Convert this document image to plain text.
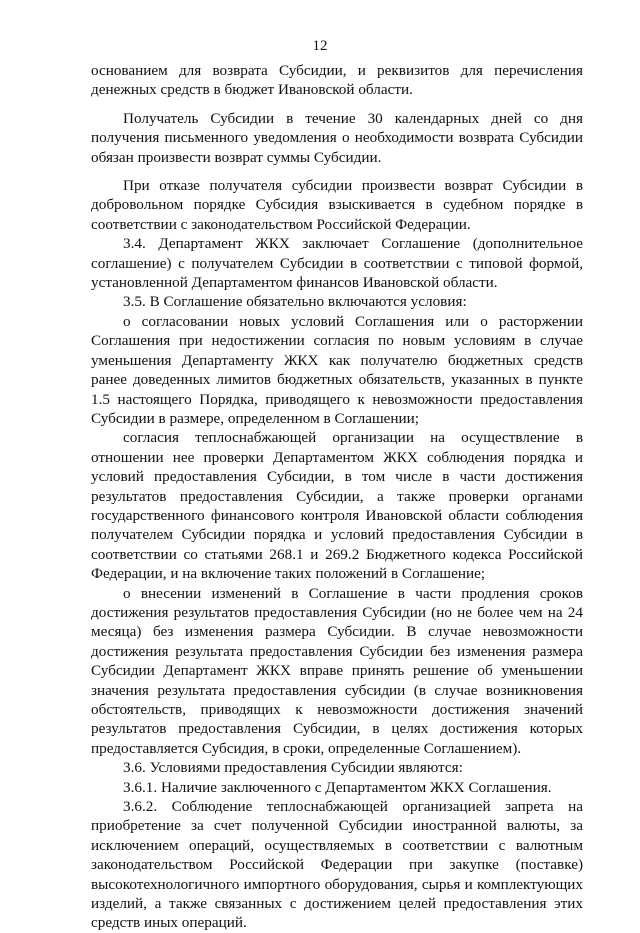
12

основанием для возврата Субсидии, и реквизитов для перечисления денежных средств в бюджет Ивановской области.

Получатель Субсидии в течение 30 календарных дней со дня получения письменного уведомления о необходимости возврата Субсидии обязан произвести возврат суммы Субсидии.

При отказе получателя субсидии произвести возврат Субсидии в добровольном порядке Субсидия взыскивается в судебном порядке в соответствии с законодательством Российской Федерации.

3.4. Департамент ЖКХ заключает Соглашение (дополнительное соглашение) с получателем Субсидии в соответствии с типовой формой, установленной Департаментом финансов Ивановской области.

3.5. В Соглашение обязательно включаются условия:

о согласовании новых условий Соглашения или о расторжении Соглашения при недостижении согласия по новым условиям в случае уменьшения Департаменту ЖКХ как получателю бюджетных средств ранее доведенных лимитов бюджетных обязательств, указанных в пункте 1.5 настоящего Порядка, приводящего к невозможности предоставления Субсидии в размере, определенном в Соглашении;

согласия теплоснабжающей организации на осуществление в отношении нее проверки Департаментом ЖКХ соблюдения порядка и условий предоставления Субсидии, в том числе в части достижения результатов предоставления Субсидии, а также проверки органами государственного финансового контроля Ивановской области соблюдения получателем Субсидии порядка и условий предоставления Субсидии в соответствии со статьями 268.1 и 269.2 Бюджетного кодекса Российской Федерации, и на включение таких положений в Соглашение;

о внесении изменений в Соглашение в части продления сроков достижения результатов предоставления Субсидии (но не более чем на 24 месяца) без изменения размера Субсидии. В случае невозможности достижения результата предоставления Субсидии без изменения размера Субсидии Департамент ЖКХ вправе принять решение об уменьшении значения результата предоставления субсидии (в случае возникновения обстоятельств, приводящих к невозможности достижения значений результатов предоставления Субсидии, в целях достижения которых предоставляется Субсидия, в сроки, определенные Соглашением).

3.6. Условиями предоставления Субсидии являются:

3.6.1. Наличие заключенного с Департаментом ЖКХ Соглашения.

3.6.2. Соблюдение теплоснабжающей организацией запрета на приобретение за счет полученной Субсидии иностранной валюты, за исключением операций, осуществляемых в соответствии с валютным законодательством Российской Федерации при закупке (поставке) высокотехнологичного импортного оборудования, сырья и комплектующих изделий, а также связанных с достижением целей предоставления этих средств иных операций.
